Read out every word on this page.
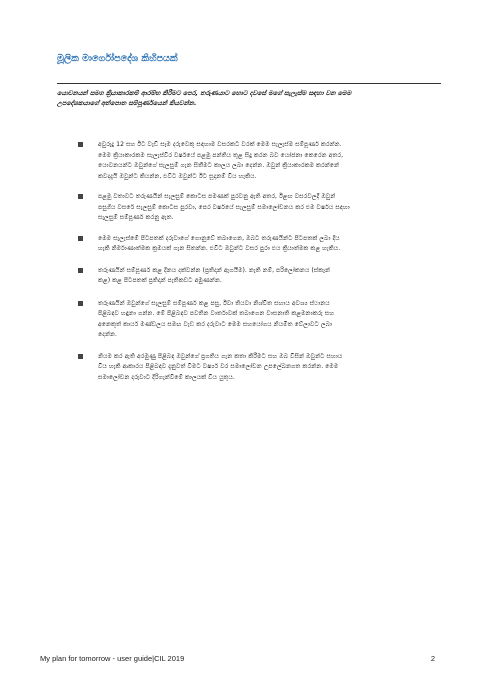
මූලික මාර්ගෝපදේශ කිහිපයක්
යොවනයන් සමග ක්‍රියාකාරකම් ආරම්භ කිරීමට පෙර, තරුණයාට හොට දවසේ මගේ සැලැස්ම සඳහා වන මෙම
උපදේශකයාගේ අත්පොත සම්පූර්ණයෙන් කියවන්න.
අවුරුදු 12 සහ ඊට වැඩි සෑම දරුවෙකු සඳහාම වසරකට වරක් මෙම සැලැස්ම සම්පූර්ණ කරන්න.
මෙම ක්‍රියාකාරකම සැලැස්වීර වර්ෂයේ පළමු පන්තිය තුළ සිදු කරන බව යෝජනා කෙරෙන අතර,
යොවනයන්ට ඔවුන්ගේ සැලසුම් ගැන සිතීමට කාලය ලබා දෙන්න. ඔවුන් ක්‍රියාකාරකම කරන්නේ
කවදාදැයි ඔවුන්ට කියන්න, එවිට ඔවුන්ට ඊට සූදානම් විය හැකිය.
පළමු වතාවට තරුණයින් සැලසුම් කොටස පමණක් පුරවනු ඇති අතර, ඊළඟ වසරවලදී ඔවුන්
පසුගිය වසරේ සැලසුම් කොටස පුරවා, පෙර වර්ෂයේ සැලසුම් සමාලෝචනය කර එම වර්ෂය සඳහා
සැලසුම් සම්පූර්ණ කරනු ඇත.
මෙම සැලැස්මේ පිටපතක් දරුවාගේ ගොනුවේ තබාගෙන, ඔබට තරුණයින්ට පිටපතක් ලබා දිය
හැකි නිර්මාණාත්මක ක්‍රමයක් ගැන සිතන්න. එවිට ඔවුන්ට වසර පුරා එය ක්‍රියාත්මක කළ හැකිය.
තරුණයින් සම්පූර්ණ කළ දිනය දක්වන්න (ප්‍රතිදාන් ඇගයීම). නැති නම්, පරිලෝකනය (ස්කෑන්
කළ) කළ පිටපතක් ප්‍රතිදාන් පැතිකඩට අමුණන්න.
තරුණයින් ඔවුන්ගේ සැලසුම් සම්පූර්ණ කළ පසු, ඊවා තියවා නිශ්චිත සහාය අවශ්‍ය ස්ථානය
පිළිබඳව හඳුනා ගන්න. මේ පිළිබඳව පවතින වාර්තාවක් තබාගෙන වාසනාති කළමනාකරු සහ
අනෙකුත් කාර්ය මණ්ඩලය සමඟ වැඩ කර දරුවාට මෙම සහයෝගය නියමිත වේලාවට ලබා
දෙන්න.
නියම කර ඇති අරමුණු පිළිබඳ ඔවුන්ගේ ප්‍රගතිය ගැන කතා කිරීමට සහ ඔබ විසින් ඔවුන්ට සහාය
විය හැකි ආකාරය පිළිබඳව දැනුවත් වීමට වර්ෂ්‍ය වර සමාලෝචන උපලේඛනගත කරන්න. මෙම
සමාලෝචන දරුවාට දිරිගැන්වීමේ කාලයක් විය යුතුය.
My plan for tomorrow - user guide|CIL 2019	2
